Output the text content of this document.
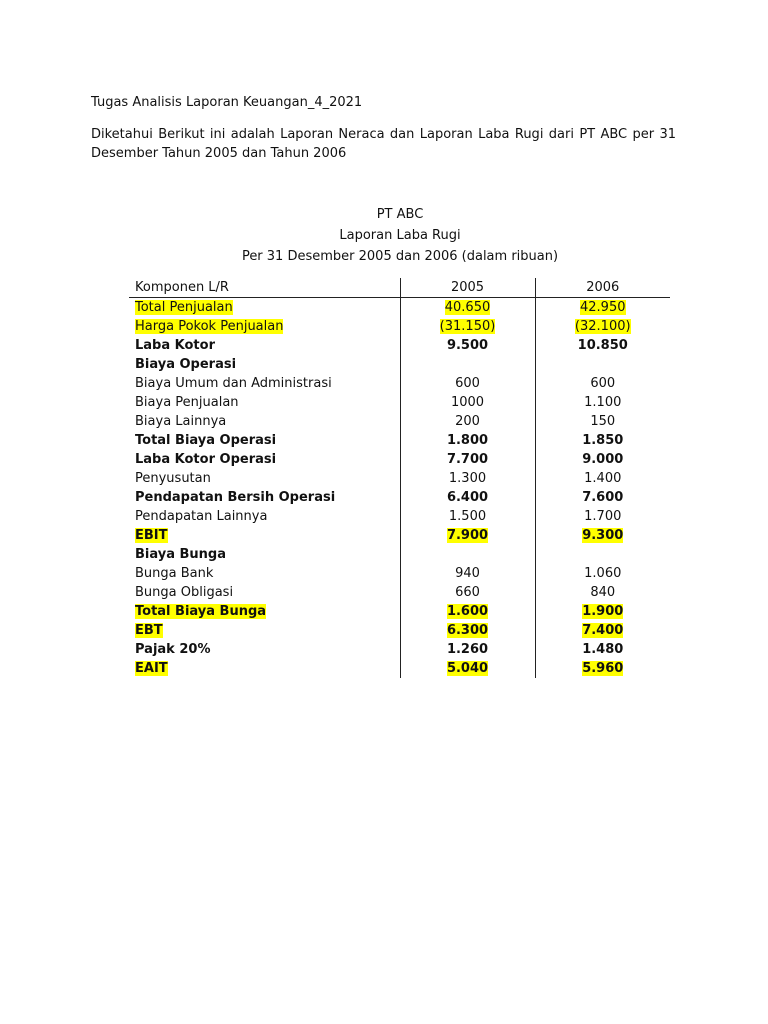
Tugas Analisis Laporan Keuangan_4_2021
Diketahui Berikut ini adalah Laporan Neraca dan Laporan Laba Rugi dari PT ABC per 31 Desember Tahun 2005 dan Tahun 2006
PT ABC
Laporan Laba Rugi
Per 31 Desember 2005 dan 2006 (dalam ribuan)
Komponen L/R	2005	2006
Total Penjualan	40.650	42.950
Harga Pokok Penjualan	(31.150)	(32.100)
Laba Kotor	9.500	10.850
Biaya Operasi		
Biaya Umum dan Administrasi	600	600
Biaya Penjualan	1000	1.100
Biaya Lainnya	200	150
Total Biaya Operasi	1.800	1.850
Laba Kotor Operasi	7.700	9.000
Penyusutan	1.300	1.400
Pendapatan Bersih Operasi	6.400	7.600
Pendapatan Lainnya	1.500	1.700
EBIT	7.900	9.300
Biaya Bunga		
Bunga Bank	940	1.060
Bunga Obligasi	660	840
Total Biaya Bunga	1.600	1.900
EBT	6.300	7.400
Pajak 20%	1.260	1.480
EAIT	5.040	5.960
